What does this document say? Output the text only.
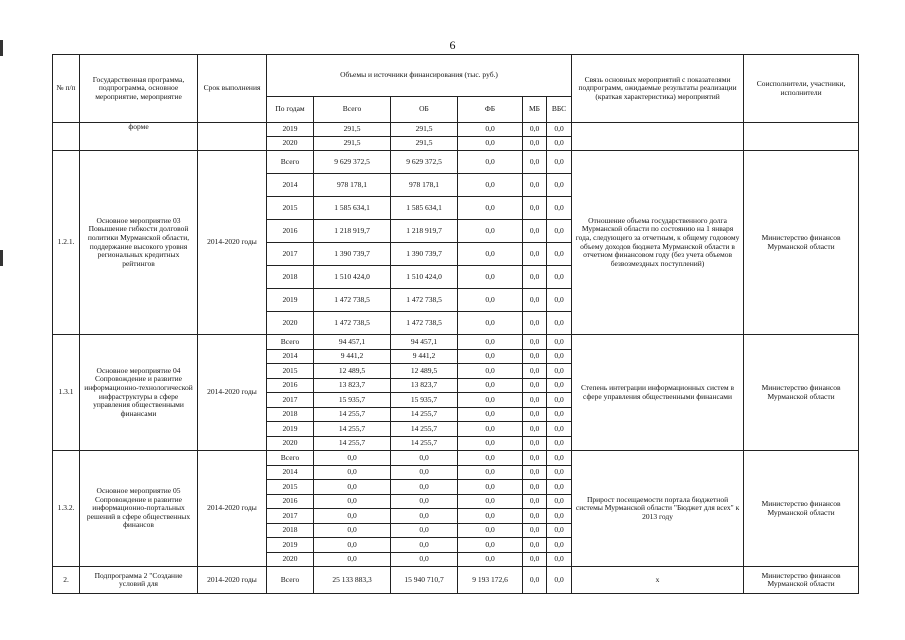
6
№ п/п	Государственная программа, подпрограмма, основное мероприятие, мероприятие	Срок выполнения	Объемы и источники финансирования (тыс. руб.)						Связь основных мероприятий с показателями подпрограмм, ожидаемые результаты реализации (краткая характеристика) мероприятий	Соисполнители, участники, исполнители
			По годам	Всего	ОБ	ФБ	МБ	ВБС		
	форме		2019	291,5	291,5	0,0	0,0	0,0		
			2020	291,5	291,5	0,0	0,0	0,0		
1.2.1.	Основное мероприятие 03 Повышение гибкости долговой политики Мурманской области, поддержание высокого уровня региональных кредитных рейтингов	2014-2020 годы	Всего	9 629 372,5	9 629 372,5	0,0	0,0	0,0	Отношение объема государственного долга Мурманской области по состоянию на 1 января года, следующего за отчетным, к общему годовому объему доходов бюджета Мурманской области в отчетном финансовом году (без учета объемов безвозмездных поступлений)	Министерство финансов Мурманской области
			2014	978 178,1	978 178,1	0,0	0,0	0,0		
			2015	1 585 634,1	1 585 634,1	0,0	0,0	0,0		
			2016	1 218 919,7	1 218 919,7	0,0	0,0	0,0		
			2017	1 390 739,7	1 390 739,7	0,0	0,0	0,0		
			2018	1 510 424,0	1 510 424,0	0,0	0,0	0,0		
			2019	1 472 738,5	1 472 738,5	0,0	0,0	0,0		
			2020	1 472 738,5	1 472 738,5	0,0	0,0	0,0		
1.3.1	Основное мероприятие 04 Сопровождение и развитие информационно-технологической инфраструктуры в сфере управления общественными финансами	2014-2020 годы	Всего	94 457,1	94 457,1	0,0	0,0	0,0	Степень интеграции информационных систем в сфере управления общественными финансами	Министерство финансов Мурманской области
			2014	9 441,2	9 441,2	0,0	0,0	0,0		
			2015	12 489,5	12 489,5	0,0	0,0	0,0		
			2016	13 823,7	13 823,7	0,0	0,0	0,0		
			2017	15 935,7	15 935,7	0,0	0,0	0,0		
			2018	14 255,7	14 255,7	0,0	0,0	0,0		
			2019	14 255,7	14 255,7	0,0	0,0	0,0		
			2020	14 255,7	14 255,7	0,0	0,0	0,0		
1.3.2.	Основное мероприятие 05 Сопровождение и развитие информационно-портальных решений в сфере общественных финансов	2014-2020 годы	Всего	0,0	0,0	0,0	0,0	0,0	Прирост посещаемости портала бюджетной системы Мурманской области "Бюджет для всех" к 2013 году	Министерство финансов Мурманской области
			2014	0,0	0,0	0,0	0,0	0,0		
			2015	0,0	0,0	0,0	0,0	0,0		
			2016	0,0	0,0	0,0	0,0	0,0		
			2017	0,0	0,0	0,0	0,0	0,0		
			2018	0,0	0,0	0,0	0,0	0,0		
			2019	0,0	0,0	0,0	0,0	0,0		
			2020	0,0	0,0	0,0	0,0	0,0		
2.	Подпрограмма 2 "Создание условий для	2014-2020 годы	Всего	25 133 883,3	15 940 710,7	9 193 172,6	0,0	0,0	х	Министерство финансов Мурманской области
